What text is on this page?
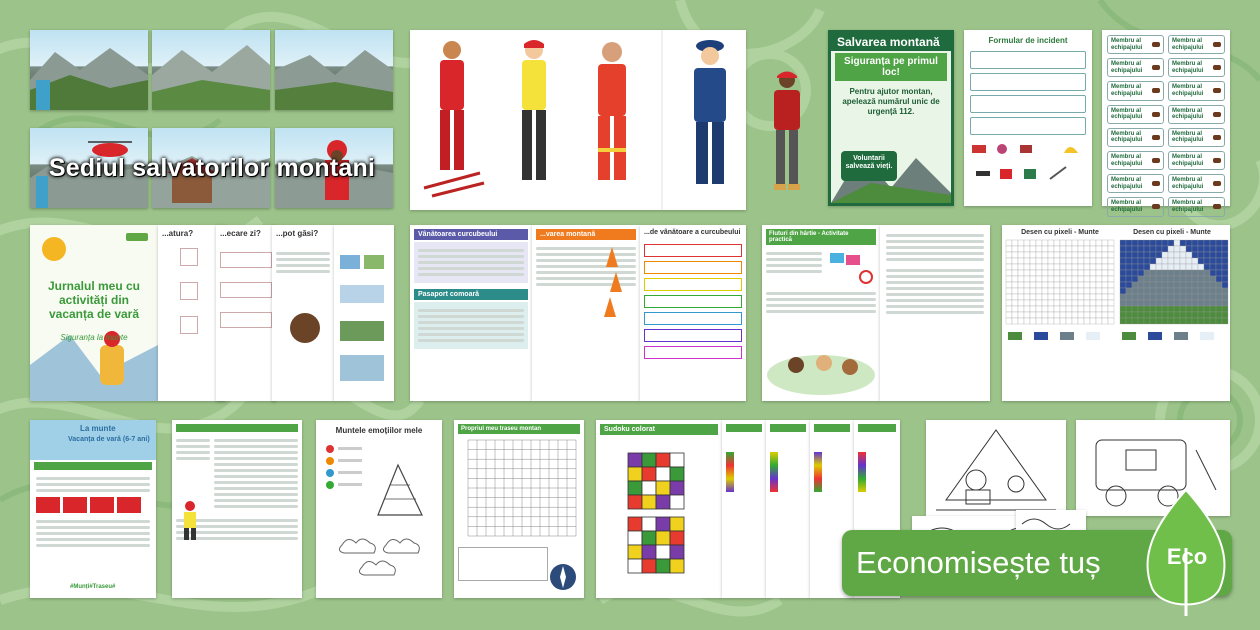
Sediul salvatorilor montani
Salvarea montană
Siguranța pe primul loc!
Pentru ajutor montan, apelează numărul unic de urgență 112.
Voluntarii salvează vieți.
Formular de incident	Membru al echipajului
Membru al echipajului
Membru al echipajului
Membru al echipajului
Membru al echipajului
Membru al echipajului
Membru al echipajului
Membru al echipajului
Membru al echipajului
Membru al echipajului
Membru al echipajului
Membru al echipajului
Membru al echipajului
Membru al echipajului
Membru al echipajului
Membru al echipajului
Jurnalul meu cu activități din vacanța de vară
Siguranța la munte
...atura?	...ecare zi?	...pot găsi?	Vânătoarea curcubeului
Pasaport comoară
...varea montană	...de vânătoare a curcubeului	Fluturi din hârtie - Activitate practică
Desen cu pixeli - Munte	Desen cu pixeli - Munte
La munte
Vacanța de vară (6-7 ani)
#Munți#Traseu#
Muntele emoțiilor mele	Propriul meu traseu montan	Sudoku colorat
Economisește tuș	Eco
